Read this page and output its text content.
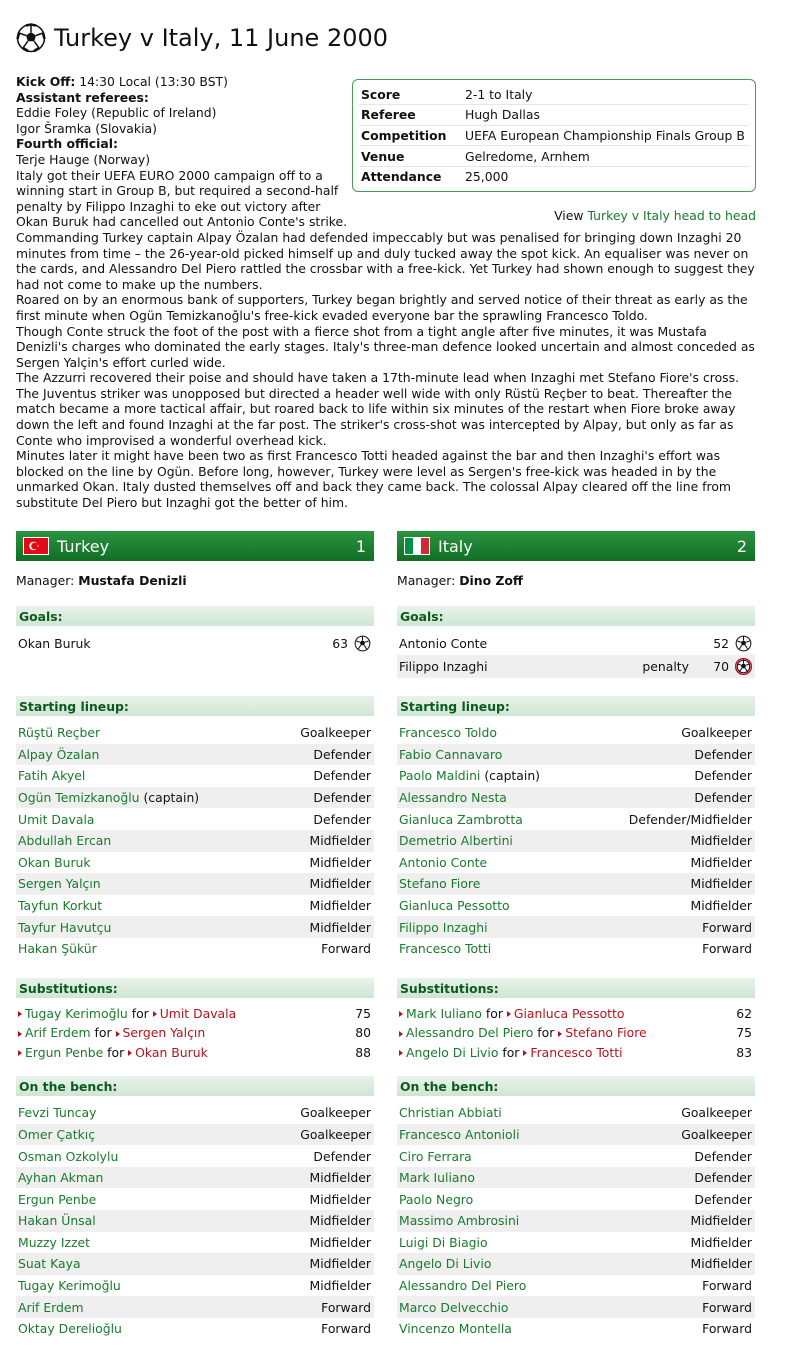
Turkey v Italy, 11 June 2000
Score	2-1 to Italy
Referee	Hugh Dallas
Competition	UEFA European Championship Finals Group B
Venue	Gelredome, Arnhem
Attendance	25,000
View Turkey v Italy head to head
Kick Off: 14:30 Local (13:30 BST)
Assistant referees:
Eddie Foley (Republic of Ireland)
Igor Šramka (Slovakia)
Fourth official:
Terje Hauge (Norway)

Italy got their UEFA EURO 2000 campaign off to a winning start in Group B, but required a second-half penalty by Filippo Inzaghi to eke out victory after Okan Buruk had cancelled out Antonio Conte's strike.

Commanding Turkey captain Alpay Özalan had defended impeccably but was penalised for bringing down Inzaghi 20 minutes from time – the 26-year-old picked himself up and duly tucked away the spot kick. An equaliser was never on the cards, and Alessandro Del Piero rattled the crossbar with a free-kick. Yet Turkey had shown enough to suggest they had not come to make up the numbers.

Roared on by an enormous bank of supporters, Turkey began brightly and served notice of their threat as early as the first minute when Ogün Temizkanoğlu's free-kick evaded everyone bar the sprawling Francesco Toldo.

Though Conte struck the foot of the post with a fierce shot from a tight angle after five minutes, it was Mustafa Denizli's charges who dominated the early stages. Italy's three-man defence looked uncertain and almost conceded as Sergen Yalçin's effort curled wide.

The Azzurri recovered their poise and should have taken a 17th-minute lead when Inzaghi met Stefano Fiore's cross. The Juventus striker was unopposed but directed a header well wide with only Rüstü Reçber to beat. Thereafter the match became a more tactical affair, but roared back to life within six minutes of the restart when Fiore broke away down the left and found Inzaghi at the far post. The striker's cross-shot was intercepted by Alpay, but only as far as Conte who improvised a wonderful overhead kick.

Minutes later it might have been two as first Francesco Totti headed against the bar and then Inzaghi's effort was blocked on the line by Ogün. Before long, however, Turkey were level as Sergen's free-kick was headed in by the unmarked Okan. Italy dusted themselves off and back they came back. The colossal Alpay cleared off the line from substitute Del Piero but Inzaghi got the better of him.

Turkey	1
Manager: Mustafa Denizli
Goals:
Okan Buruk	63
Starting lineup:
Rüştü Reçber	Goalkeeper
Alpay Özalan	Defender
Fatih Akyel	Defender
Ogün Temizkanoğlu (captain)	Defender
Umit Davala	Defender
Abdullah Ercan	Midfielder
Okan Buruk	Midfielder
Sergen Yalçın	Midfielder
Tayfun Korkut	Midfielder
Tayfur Havutçu	Midfielder
Hakan Şükür	Forward
Substitutions:
Tugay Kerimoğlu for Umit Davala	75
Arif Erdem for Sergen Yalçın	80
Ergun Penbe for Okan Buruk	88
On the bench:
Fevzi Tuncay	Goalkeeper
Omer Çatkıç	Goalkeeper
Osman Ozkolylu	Defender
Ayhan Akman	Midfielder
Ergun Penbe	Midfielder
Hakan Ünsal	Midfielder
Muzzy Izzet	Midfielder
Suat Kaya	Midfielder
Tugay Kerimoğlu	Midfielder
Arif Erdem	Forward
Oktay Derelioğlu	Forward
Italy	2
Manager: Dino Zoff
Goals:
Antonio Conte	52
Filippo Inzaghi	penalty	70
Starting lineup:
Francesco Toldo	Goalkeeper
Fabio Cannavaro	Defender
Paolo Maldini (captain)	Defender
Alessandro Nesta	Defender
Gianluca Zambrotta	Defender/Midfielder
Demetrio Albertini	Midfielder
Antonio Conte	Midfielder
Stefano Fiore	Midfielder
Gianluca Pessotto	Midfielder
Filippo Inzaghi	Forward
Francesco Totti	Forward
Substitutions:
Mark Iuliano for Gianluca Pessotto	62
Alessandro Del Piero for Stefano Fiore	75
Angelo Di Livio for Francesco Totti	83
On the bench:
Christian Abbiati	Goalkeeper
Francesco Antonioli	Goalkeeper
Ciro Ferrara	Defender
Mark Iuliano	Defender
Paolo Negro	Defender
Massimo Ambrosini	Midfielder
Luigi Di Biagio	Midfielder
Angelo Di Livio	Midfielder
Alessandro Del Piero	Forward
Marco Delvecchio	Forward
Vincenzo Montella	Forward
